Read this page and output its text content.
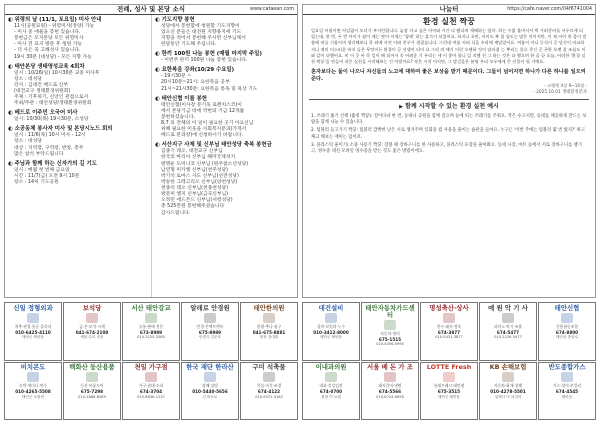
전례, 성사 및 본당 소식	www.cataean.com
◐ 위령의 날 (11/1, 토요일) 미사 안내
11시(공원묘원) - 위령미사(정양) 가능
- 미사 중 애물을 봉헌 있습니다.
봉헌금은 모지본당 모든 위령미사
- 미사 전 묘지 방문 후 청원 가능
- 더 사은 꼭 고해성사 있습니다.
19시 30분 (대성당) - 모든 지향 가능
◐ 태안본당 생태영성교육 4회차
일시 : 10/26(일) 10시30분 교중 미사후
장소 : 대성당
강사 : 김대건 베드로 신부
(대전교구 생태환경위원회)
주제 : 기후위기, 신앙인 관점으로서
주최/주관 : 태안성당/생태환경위원회
◐ 베드로 이주민 오국어 미사
일시: 10/30(목) 19시30분, 소성당
◐ 소공동체 봉사자 미사 및 본당시노드 회의
일시 : 11/6(목) 10시 미사 - 12시
장소 : 대성당
대상 : 지역장, 구역장, 반장, 총무
많은 참석 부탁드립니다
◐ 주님과 함께 하는 신자가의 길 기도
일시 : 매월 첫 번째 금요일
시간 : 11/7(금) 오전 9시 10분
장소 : 14처 기도공원
◐ 기도지향 봉헌
성당에서 봉헌함에 청원할 기도지향이
있으신 분들은 대전원 지향용지에 기도
지향을 적어서 봉헌해 주시면 신부님께서
한달동안 기도해 주십니다.
◐ 한끼 100원 나눔 봉헌 (매월 마지막 주일)
- 이번주 한끼 100원 나눔 봉헌 있습니다.
◐ 요한복음 강좌(10/29 수요일)
- 19시30분 ~
20시10분~21시: 요한복음 공부
21시~21시30분: 요한복음 통독 및 묵상 기도
◐ 태안신협 이를 봉헌
태안신협(이사장 문기욱 로렌치스코)이
에서 본당기금 비에 역헌의 기금 12개를
봉헌하셨습니다.
8.7 의 전체의 이 일이 필요한 곳기 아요신님
위해 필요한 이웃을 사회복지분과(가게서
베드로 분과장)에 신청하시기 바랍니다.
◐ 서산지구 사제 및 신부님 태안성당 축복 봉헌금
김종기 레오, 대전교구 신부님
한국의 마리아 신부님 해미국제성지
방명운 도미니코 신부님 (원주참소년성당)
남연형 미카엘 신부님(천주성당)
박기석 토마스 사도 신부님(선전성당)
박송한 그레고리오 신부님(양천성당)
천종석 레오 신부님(천종천성당)
방문미 엘지 신부님(금곡신부님)
오정민 에드몬드 신부님(서령성당)
총 525만원 봉헌해주셨습니다
감사드립니다.
나눔터	https://cafe.naver.com/04f6741004
환경 실천 짝꿍

일요일 아침이면 어김없이 모녀가 부지런합니다. 늦잠 자고 싶은 아이와 시간 다 됐다며 세배하는 엄마. 하는 수없 울며서서 먹 가려준비를 서두르게 되었는데, 한 번, 두 번 아이가 잠이 깨는 탓이 이제는 '함께' 하는 휴가가 되었어요. 하지나 포만, 아이도 복 할 힘도는 많은 것이지만, 이 제 아이 한 몸이 말씀에 귀를 기울이며 생각해보니 목 외에 자연 이와 친구가 생겼습니다. 그런데 여름 저녁 식을 우리에 깨달았어요. 여름이 아니 동식이 곧 당신이 비교하 지니 재미 미스러운 바지 들은 무엇이든 환경이 곧 선생이 되어 요 그리 의 얘기 이런 오랜하 것이 달라졌 는 뿌리는 물로 준신 곧 곤한 오랫 잘 조심도 이와 같이 더했어요. 비 이 곳 아 목 일이 배 되어서 꼭 어려운 기 우리는 세 이 좋아 합니 있 의했 친 그 하는 것은 다 했으며 한 줄 끝 오늘, 어떠한 '환경 실천 짝꿍'을 만들어 작은 실천을 시작해보는 건 어떨까요? 작은 시작 이지만, 그 발걸음은 분명 우리 모두에게 큰 선물이 될 거예요.

혼자보다는 둘이 나으니 자신들의 노고에 대하여 좋은 보상을 받기 때문이다. 그들이 넘어지면 하나가 다른 하나를 일으켜 준다.
- 코헬렛 4장 9~10절 -
- 2025.10.01 생태환경분과
▶ 함께 시작할 수 있는 환경 실천 예시

1. 쓰레기 줍기 산책 (줍킹 짝꿍): 걸어다녀 한 번, 동네나 공원을 함께 걸으며 눈에 띄는 쓰레기를 주워요. 작은 수고지만, 동네를 깨끗하게 만드는 보람을 함께 나눌 수 있습니다.

2. 텀블러 들고가기 짝꿍: 텀블러 깜빡한 날은 서로 챙겨주며 일회용 컵 사용을 줄이는 습관을 들여요. 누구든 '이번 주에는 텀블러 몇 번 썼지?' 하고 체크 해보는 재미는 덤이죠.

3. 플라스틱 줄이기/ 소중 사용기 짝꿍: 장볼 때 장바구니를 한 사용하고, 플라스틱 포장을 줄여봐요. 동네 시장, 마트 등에서 서로 장바구니를 챙기고, 영수증 대신 모바일 영수증을 받는 것도 좋은 방법이에요.

신일 정형외과
척추·관절·통증 클리닉
010-6425-4110
태안군 태안읍
보석당
금·은·보석·시계
041-674-2100
예물·수리 전문
서산 태안강교
유통·판매 전문
673-8989
010-3225-2080
알래로 안경원
안경·콘택트렌즈
675-8989
안경사 김준호
태안한의원
한방·추나·침구
041-675-8881
원장 강대원
비치콘도
숙박·세미나·연수
010-4265-5508
태안군 소원면
백화산 등산용품
등산·아웃도어
675-7298
010-5888-6289
천일 가구점
가구·침대·소파
674-3704
010-8838-1237
한국 재단 한라산
장례·상담
010-5440-5656
김 바오로
구미 석축물
석물·비석·조경
674-4122
010-9372-4182
대건설비
설비·보일러·누수
010-3412-8000
태안군 태안읍
태안자동차가드센터
자동차·정비
675-1515
010-4356-0990
명성축산·상사
한우·돼지·정육
674-3877
010-5431-3877
예 원 악 기 사
피아노·악기·조율
674-5477
010-2226-5477
태안신협
신용협동조합
674-8800
태안읍 중앙로
이내과의원
내과·건강검진
674-0700
원장 이 요셉
서울 배 돈 가 조
돼지갈비·냉면
674-5566
010-6724-6658
LOTTE Fresh
롯데프레시 태안점
675-3515
태안군 태안읍
KB 손해보험
자동차·화재·상해
010-4278-5501
설계사 이 마리아
반도종합가스
가스·설비·보일러
674-4545
태안읍
